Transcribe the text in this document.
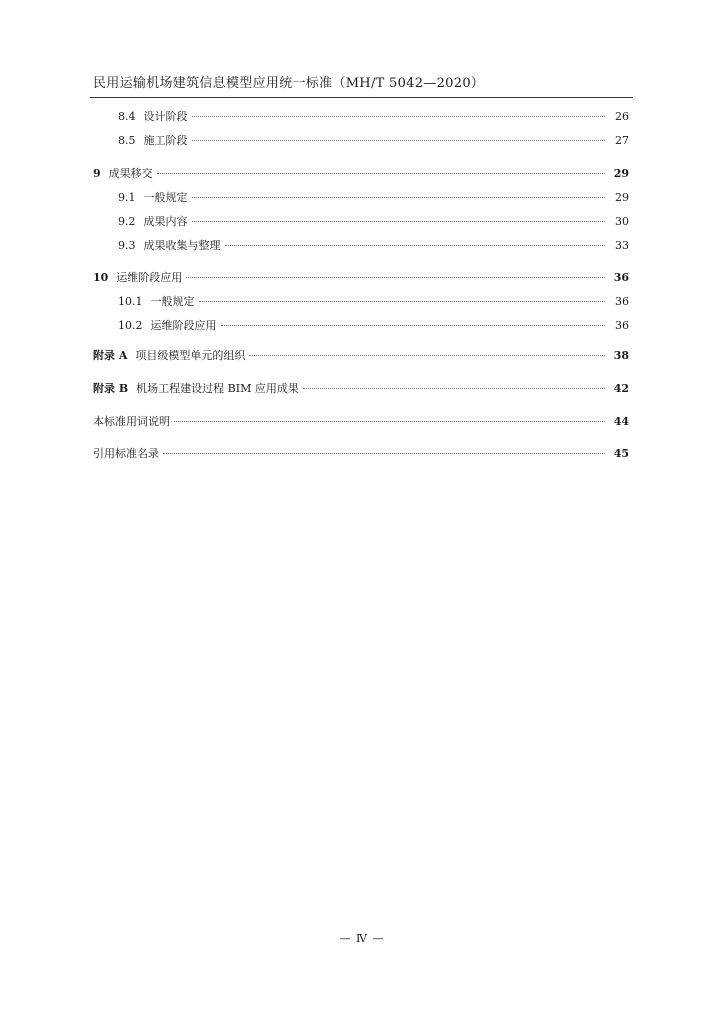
民用运输机场建筑信息模型应用统一标准（MH/T 5042—2020）
8.4 设计阶段	26
8.5 施工阶段	27
9 成果移交	29
9.1 一般规定	29
9.2 成果内容	30
9.3 成果收集与整理	33
10 运维阶段应用	36
10.1 一般规定	36
10.2 运维阶段应用	36
附录 A 项目级模型单元的组织	38
附录 B 机场工程建设过程 BIM 应用成果	42
本标准用词说明	44
引用标准名录	45
— Ⅳ —
